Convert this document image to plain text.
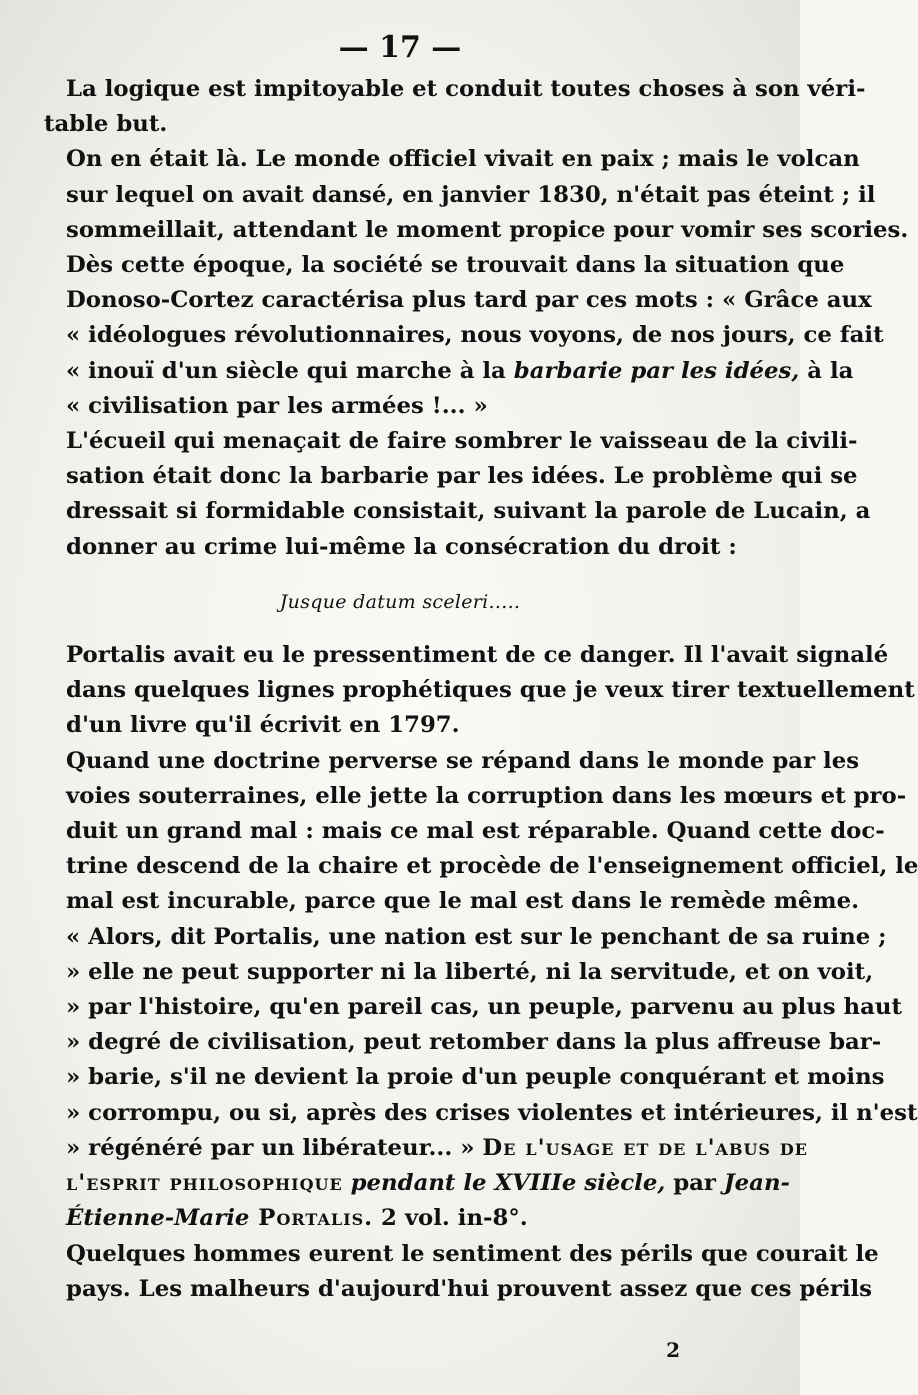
— 17 —

La logique est impitoyable et conduit toutes choses à son véri-
table but.

On en était là. Le monde officiel vivait en paix ; mais le volcan
sur lequel on avait dansé, en janvier 1830, n'était pas éteint ; il
sommeillait, attendant le moment propice pour vomir ses scories.
Dès cette époque, la société se trouvait dans la situation que
Donoso-Cortez caractérisa plus tard par ces mots : « Grâce aux
« idéologues révolutionnaires, nous voyons, de nos jours, ce fait
« inouï d'un siècle qui marche à la barbarie par les idées, à la
« civilisation par les armées !... »

L'écueil qui menaçait de faire sombrer le vaisseau de la civili-
sation était donc la barbarie par les idées. Le problème qui se
dressait si formidable consistait, suivant la parole de Lucain, a
donner au crime lui-même la consécration du droit :

Jusque datum sceleri.....

Portalis avait eu le pressentiment de ce danger. Il l'avait signalé
dans quelques lignes prophétiques que je veux tirer textuellement
d'un livre qu'il écrivit en 1797.

Quand une doctrine perverse se répand dans le monde par les
voies souterraines, elle jette la corruption dans les mœurs et pro-
duit un grand mal : mais ce mal est réparable. Quand cette doc-
trine descend de la chaire et procède de l'enseignement officiel, le
mal est incurable, parce que le mal est dans le remède même.
« Alors, dit Portalis, une nation est sur le penchant de sa ruine ;
» elle ne peut supporter ni la liberté, ni la servitude, et on voit,
» par l'histoire, qu'en pareil cas, un peuple, parvenu au plus haut
» degré de civilisation, peut retomber dans la plus affreuse bar-
» barie, s'il ne devient la proie d'un peuple conquérant et moins
» corrompu, ou si, après des crises violentes et intérieures, il n'est
» régénéré par un libérateur... » De l'usage et de l'abus de
l'esprit philosophique pendant le XVIIIe siècle, par Jean-
Étienne-Marie Portalis. 2 vol. in-8°.

Quelques hommes eurent le sentiment des périls que courait le
pays. Les malheurs d'aujourd'hui prouvent assez que ces périls

2
